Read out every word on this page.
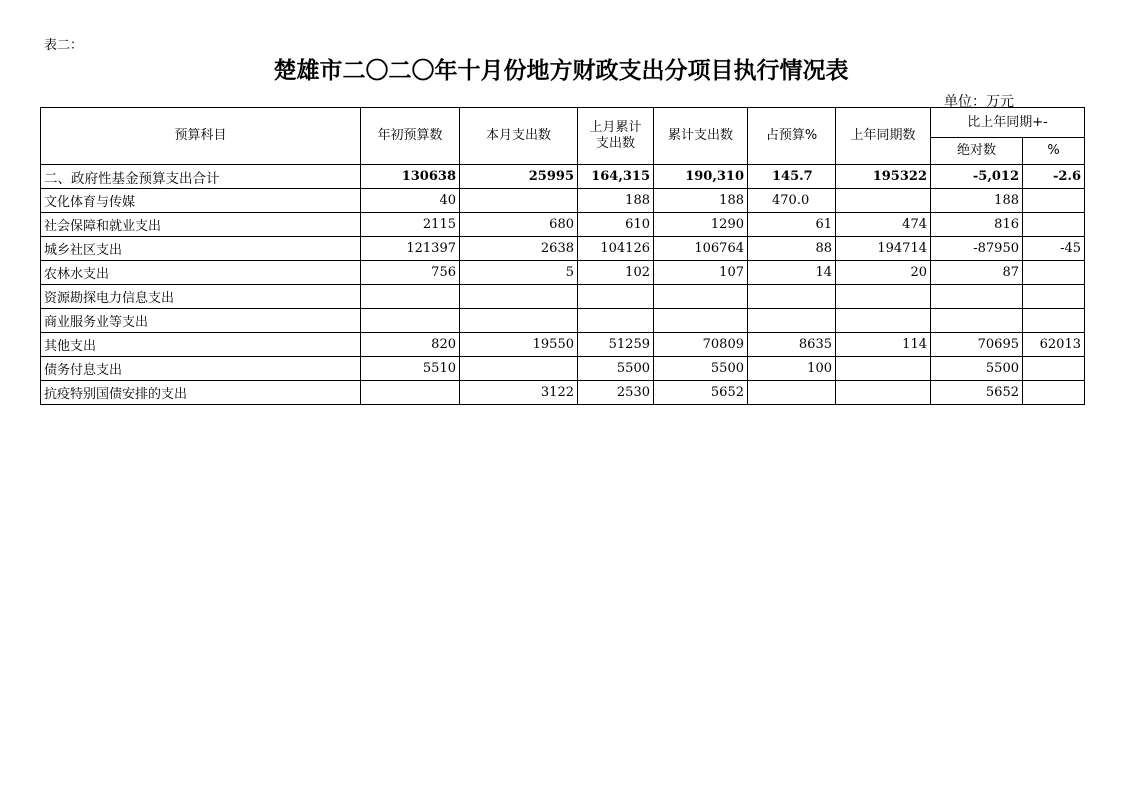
表二：
楚雄市二〇二〇年十月份地方财政支出分项目执行情况表
单位：万元
预算科目	年初预算数	本月支出数	上月累计
支出数	累计支出数	占预算%	上年同期数	比上年同期+-	
							绝对数	%
二、政府性基金预算支出合计	130638	25995	164,315	190,310	145.7	195322	-5,012	-2.6
文化体育与传媒	40		188	188	470.0		188	
社会保障和就业支出	2115	680	610	1290	61	474	816	
城乡社区支出	121397	2638	104126	106764	88	194714	-87950	-45
农林水支出	756	5	102	107	14	20	87	
资源勘探电力信息支出								
商业服务业等支出								
其他支出	820	19550	51259	70809	8635	114	70695	62013
债务付息支出	5510		5500	5500	100		5500	
抗疫特别国债安排的支出		3122	2530	5652			5652	
